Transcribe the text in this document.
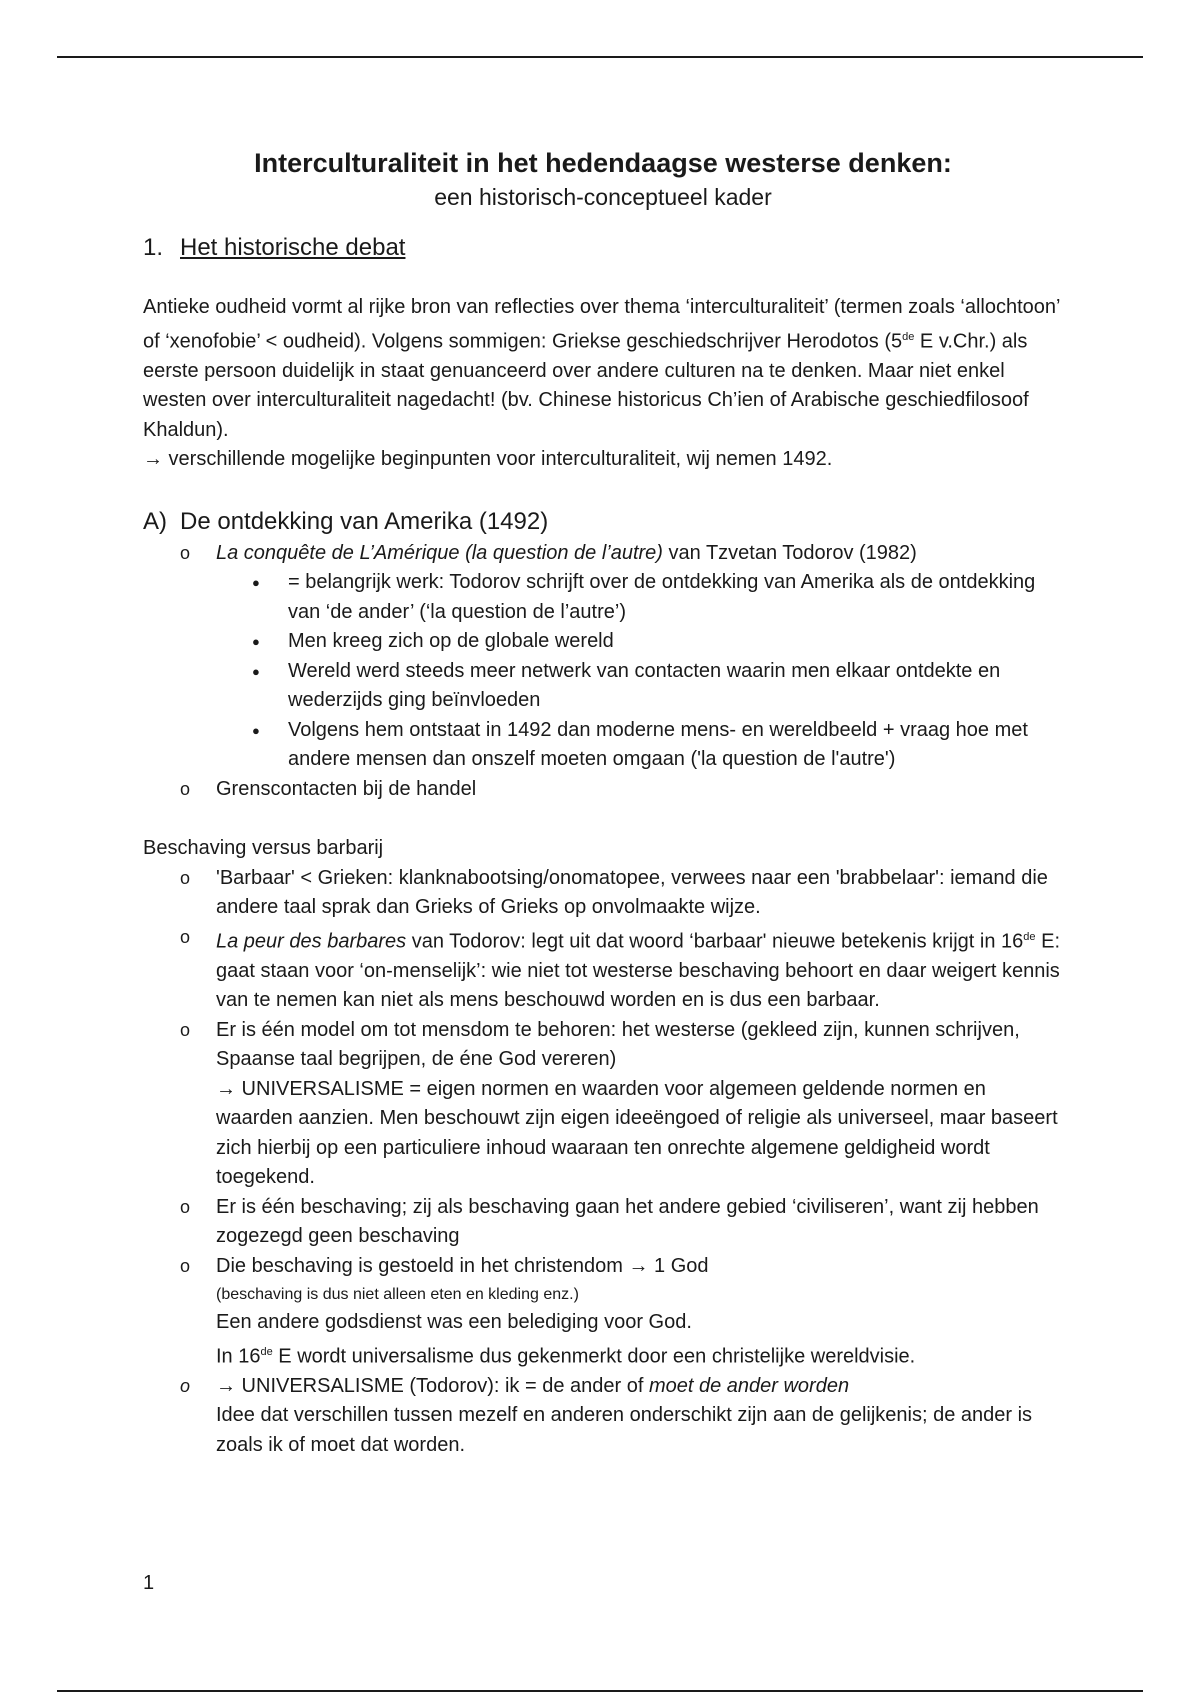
Interculturaliteit in het hedendaagse westerse denken:

een historisch-conceptueel kader

1. Het historische debat

Antieke oudheid vormt al rijke bron van reflecties over thema ‘interculturaliteit’ (termen zoals ‘allochtoon’ of ‘xenofobie’ < oudheid). Volgens sommigen: Griekse geschiedschrijver Herodotos (5de E v.Chr.) als eerste persoon duidelijk in staat genuanceerd over andere culturen na te denken. Maar niet enkel westen over interculturaliteit nagedacht! (bv. Chinese historicus Ch’ien of Arabische geschiedfilosoof Khaldun).

→ verschillende mogelijke beginpunten voor interculturaliteit, wij nemen 1492.

A) De ontdekking van Amerika (1492)
o La conquête de L’Amérique (la question de l’autre) van Tzvetan Todorov (1982)
● = belangrijk werk: Todorov schrijft over de ontdekking van Amerika als de ontdekking van ‘de ander’ (‘la question de l’autre’)
● Men kreeg zich op de globale wereld
● Wereld werd steeds meer netwerk van contacten waarin men elkaar ontdekte en wederzijds ging beïnvloeden
● Volgens hem ontstaat in 1492 dan moderne mens- en wereldbeeld + vraag hoe met andere mensen dan onszelf moeten omgaan ('la question de l'autre')
o Grenscontacten bij de handel

Beschaving versus barbarij

o 'Barbaar' < Grieken: klanknabootsing/onomatopee, verwees naar een 'brabbelaar': iemand die andere taal sprak dan Grieks of Grieks op onvolmaakte wijze.
o La peur des barbares van Todorov: legt uit dat woord ‘barbaar' nieuwe betekenis krijgt in 16de E: gaat staan voor ‘on-menselijk’: wie niet tot westerse beschaving behoort en daar weigert kennis van te nemen kan niet als mens beschouwd worden en is dus een barbaar.
o Er is één model om tot mensdom te behoren: het westerse (gekleed zijn, kunnen schrijven, Spaanse taal begrijpen, de éne God vereren)
→ UNIVERSALISME = eigen normen en waarden voor algemeen geldende normen en waarden aanzien. Men beschouwt zijn eigen ideeëngoed of religie als universeel, maar baseert zich hierbij op een particuliere inhoud waaraan ten onrechte algemene geldigheid wordt toegekend.
o Er is één beschaving; zij als beschaving gaan het andere gebied ‘civiliseren’, want zij hebben zogezegd geen beschaving
o Die beschaving is gestoeld in het christendom → 1 God
(beschaving is dus niet alleen eten en kleding enz.)
Een andere godsdienst was een belediging voor God.
In 16de E wordt universalisme dus gekenmerkt door een christelijke wereldvisie.
o → UNIVERSALISME (Todorov): ik = de ander of moet de ander worden
Idee dat verschillen tussen mezelf en anderen onderschikt zijn aan de gelijkenis; de ander is zoals ik of moet dat worden.
1
